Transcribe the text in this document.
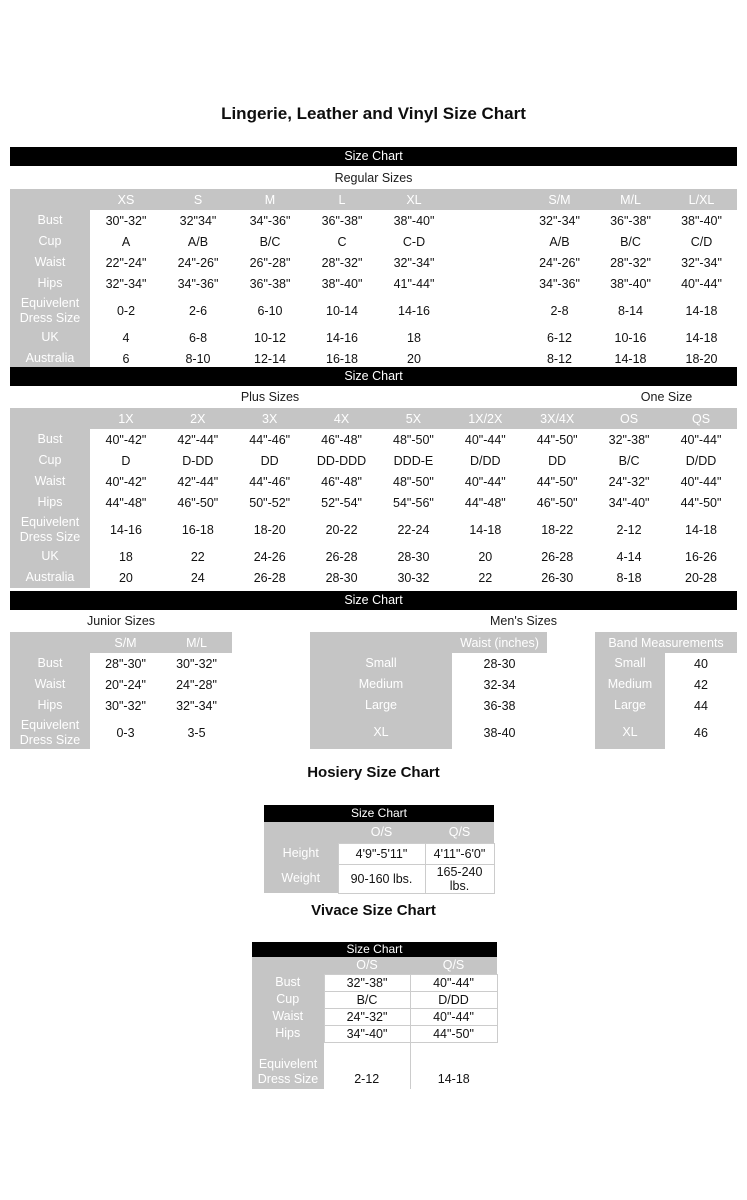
Lingerie, Leather and Vinyl Size Chart
Size Chart
Regular Sizes
	XS	S	M	L	XL		S/M	M/L	L/XL
Bust	30"-32"	32"34"	34"-36"	36"-38"	38"-40"		32"-34"	36"-38"	38"-40"
Cup	A	A/B	B/C	C	C-D		A/B	B/C	C/D
Waist	22"-24"	24"-26"	26"-28"	28"-32"	32"-34"		24"-26"	28"-32"	32"-34"
Hips	32"-34"	34"-36"	36"-38"	38"-40"	41"-44"		34"-36"	38"-40"	40"-44"
Equivelent Dress Size	0-2	2-6	6-10	10-14	14-16		2-8	8-14	14-18
UK	4	6-8	10-12	14-16	18		6-12	10-16	14-18
Australia	6	8-10	12-14	16-18	20		8-12	14-18	18-20
Size Chart
Plus Sizes	One Size
	1X	2X	3X	4X	5X	1X/2X	3X/4X	OS	QS
Bust	40"-42"	42"-44"	44"-46"	46"-48"	48"-50"	40"-44"	44"-50"	32"-38"	40"-44"
Cup	D	D-DD	DD	DD-DDD	DDD-E	D/DD	DD	B/C	D/DD
Waist	40"-42"	42"-44"	44"-46"	46"-48"	48"-50"	40"-44"	44"-50"	24"-32"	40"-44"
Hips	44"-48"	46"-50"	50"-52"	52"-54"	54"-56"	44"-48"	46"-50"	34"-40"	44"-50"
Equivelent Dress Size	14-16	16-18	18-20	20-22	22-24	14-18	18-22	2-12	14-18
UK	18	22	24-26	26-28	28-30	20	26-28	4-14	16-26
Australia	20	24	26-28	28-30	30-32	22	26-30	8-18	20-28
Size Chart
Junior Sizes	Men's Sizes
	S/M	M/L
Bust	28"-30"	30"-32"
Waist	20"-24"	24"-28"
Hips	30"-32"	32"-34"
Equivelent Dress Size	0-3	3-5
	Waist (inches)		Band Measurements	
Small	28-30		Small	40
Medium	32-34		Medium	42
Large	36-38		Large	44
XL	38-40		XL	46
Hosiery Size Chart
Size Chart
	O/S	Q/S
Height	4'9"-5'11"	4'11"-6'0"
Weight	90-160 lbs.	165-240 lbs.
Vivace Size Chart
Size Chart
	O/S	Q/S
Bust	32"-38"	40"-44"
Cup	B/C	D/DD
Waist	24"-32"	40"-44"
Hips	34"-40"	44"-50"

Equivelent Dress Size	2-12	14-18
